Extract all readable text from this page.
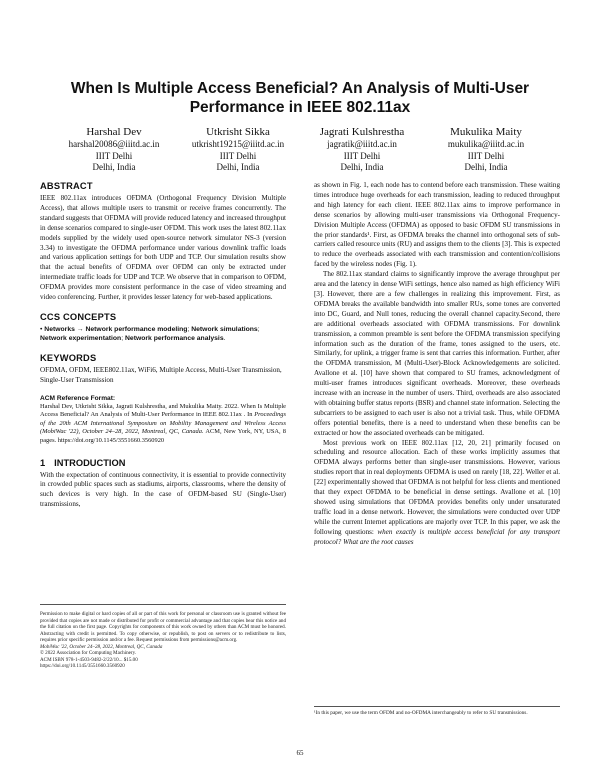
When Is Multiple Access Beneficial? An Analysis of Multi-User
Performance in IEEE 802.11ax
Harshal Dev
harshal20086@iiitd.ac.in
IIIT Delhi
Delhi, India
Utkrisht Sikka
utkrisht19215@iiitd.ac.in
IIIT Delhi
Delhi, India
Jagrati Kulshrestha
jagratik@iiitd.ac.in
IIIT Delhi
Delhi, India
Mukulika Maity
mukulika@iiitd.ac.in
IIIT Delhi
Delhi, India
ABSTRACT

IEEE 802.11ax introduces OFDMA (Orthogonal Frequency Division Multiple Access), that allows multiple users to transmit or receive frames concurrently. The standard suggests that OFDMA will provide reduced latency and increased throughput in dense scenarios compared to single-user OFDM. This work uses the latest 802.11ax models supplied by the widely used open-source network simulator NS-3 (version 3.34) to investigate the OFDMA performance under various downlink traffic loads and various application settings for both UDP and TCP. Our simulation results show that the actual benefits of OFDMA over OFDM can only be extracted under intermediate traffic loads for UDP and TCP. We observe that in comparison to OFDM, OFDMA provides more consistent performance in the case of video streaming and video conferencing. Further, it provides lesser latency for web-based applications.

CCS CONCEPTS

• Networks → Network performance modeling; Network simulations; Network experimentation; Network performance analysis.

KEYWORDS

OFDMA, OFDM, IEEE802.11ax, WiFi6, Multiple Access, Multi-User Transmission, Single-User Transmission

ACM Reference Format:

Harshal Dev, Utkrisht Sikka, Jagrati Kulshrestha, and Mukulika Maity. 2022. When Is Multiple Access Beneficial? An Analysis of Multi-User Performance in IEEE 802.11ax . In Proceedings of the 20th ACM International Symposium on Mobility Management and Wireless Access (MobiWac '22), October 24–28, 2022, Montreal, QC, Canada. ACM, New York, NY, USA, 8 pages. https://doi.org/10.1145/3551660.3560920

1 INTRODUCTION

With the expectation of continuous connectivity, it is essential to provide connectivity in crowded public spaces such as stadiums, airports, classrooms, where the density of such devices is very high. In the case of OFDM-based SU (Single-User) transmissions,

Permission to make digital or hard copies of all or part of this work for personal or classroom use is granted without fee provided that copies are not made or distributed for profit or commercial advantage and that copies bear this notice and the full citation on the first page. Copyrights for components of this work owned by others than ACM must be honored. Abstracting with credit is permitted. To copy otherwise, or republish, to post on servers or to redistribute to lists, requires prior specific permission and/or a fee. Request permissions from permissions@acm.org.

MobiWac '22, October 24–28, 2022, Montreal, QC, Canada

© 2022 Association for Computing Machinery.

ACM ISBN 978-1-4503-9482-2/22/10... $15.00

https://doi.org/10.1145/3551660.3560920

as shown in Fig. 1, each node has to contend before each transmission. These waiting times introduce huge overheads for each transmission, leading to reduced throughput and high latency for each client. IEEE 802.11ax aims to improve performance in dense scenarios by allowing multi-user transmissions via Orthogonal Frequency-Division Multiple Access (OFDMA) as opposed to basic OFDM SU transmissions in the prior standards¹. First, as OFDMA breaks the channel into orthogonal sets of sub-carriers called resource units (RU) and assigns them to the clients [3]. This is expected to reduce the overheads associated with each transmission and contention/collisions faced by the wireless nodes (Fig. 1).

The 802.11ax standard claims to significantly improve the average throughput per area and the latency in dense WiFi settings, hence also named as high efficiency WiFi [3]. However, there are a few challenges in realizing this improvement. First, as OFDMA breaks the available bandwidth into smaller RUs, some tones are converted into DC, Guard, and Null tones, reducing the overall channel capacity.Second, there are additional overheads associated with OFDMA transmissions. For downlink transmission, a common preamble is sent before the OFDMA transmission specifying information such as the duration of the frame, tones assigned to the users, etc. Similarly, for uplink, a trigger frame is sent that carries this information. Further, after the OFDMA transmission, M (Multi-User)-Block Acknowledgements are solicited. Avallone et al. [10] have shown that compared to SU frames, acknowledgment of multi-user frames introduces significant overheads. Moreover, these overheads increase with an increase in the number of users. Third, overheads are also associated with obtaining buffer status reports (BSR) and channel state information. Selecting the subcarriers to be assigned to each user is also not a trivial task. Thus, while OFDMA offers potential benefits, there is a need to understand when these benefits can be extracted or how the associated overheads can be mitigated.

Most previous work on IEEE 802.11ax [12, 20, 21] primarily focused on scheduling and resource allocation. Each of these works implicitly assumes that OFDMA always performs better than single-user transmissions. However, various studies report that in real deployments OFDMA is used on rarely [18, 22]. Weller et al. [22] experimentally showed that OFDMA is not helpful for less clients and mentioned that they expect OFDMA to be beneficial in dense settings. Avallone et al. [10] showed using simulations that OFDMA provides benefits only under unsaturated traffic load in a dense network. However, the simulations were conducted over UDP while the current Internet applications are majorly over TCP. In this paper, we ask the following questions: when exactly is multiple access beneficial for any transport protocol? What are the root causes

¹In this paper, we use the term OFDM and no-OFDMA interchangeably to refer to SU transmissions.

65
